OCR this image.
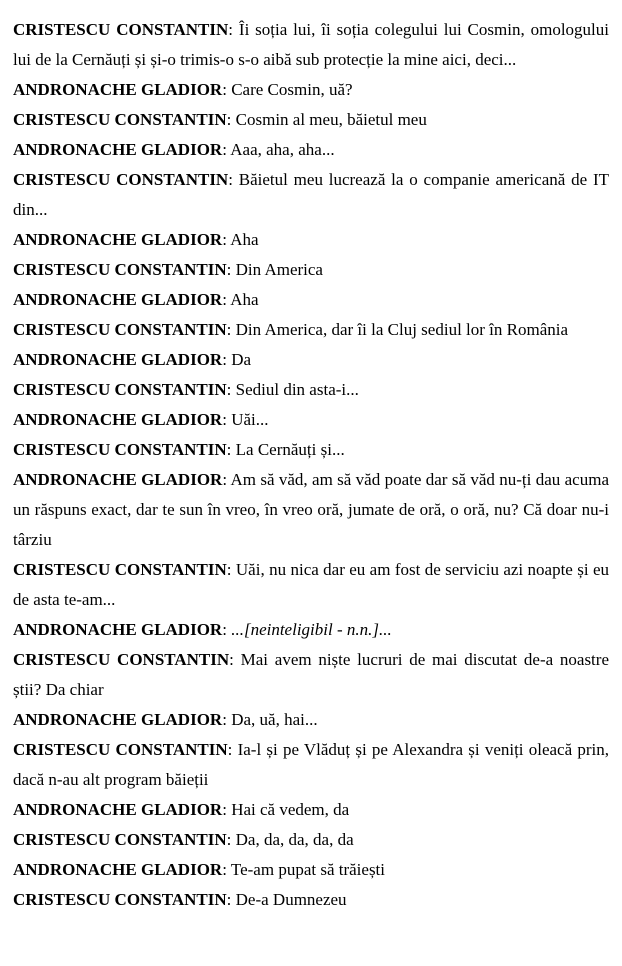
CRISTESCU CONSTANTIN: Îi soția lui, îi soția colegului lui Cosmin, omologului lui de la Cernăuți și și-o trimis-o s-o aibă sub protecție la mine aici, deci...

ANDRONACHE GLADIOR: Care Cosmin, uă?

CRISTESCU CONSTANTIN: Cosmin al meu, băietul meu

ANDRONACHE GLADIOR: Aaa, aha, aha...

CRISTESCU CONSTANTIN: Băietul meu lucrează la o companie americană de IT din...

ANDRONACHE GLADIOR: Aha

CRISTESCU CONSTANTIN: Din America

ANDRONACHE GLADIOR: Aha

CRISTESCU CONSTANTIN: Din America, dar îi la Cluj sediul lor în România

ANDRONACHE GLADIOR: Da

CRISTESCU CONSTANTIN: Sediul din asta-i...

ANDRONACHE GLADIOR: Uăi...

CRISTESCU CONSTANTIN: La Cernăuți și...

ANDRONACHE GLADIOR: Am să văd, am să văd poate dar să văd nu-ți dau acuma un răspuns exact, dar te sun în vreo, în vreo oră, jumate de oră, o oră, nu? Că doar nu-i târziu

CRISTESCU CONSTANTIN: Uăi, nu nica dar eu am fost de serviciu azi noapte și eu de asta te-am...

ANDRONACHE GLADIOR: ...[neinteligibil - n.n.]...

CRISTESCU CONSTANTIN: Mai avem niște lucruri de mai discutat de-a noastre știi? Da chiar

ANDRONACHE GLADIOR: Da, uă, hai...

CRISTESCU CONSTANTIN: Ia-l și pe Vlăduț și pe Alexandra și veniți oleacă prin, dacă n-au alt program băieții

ANDRONACHE GLADIOR: Hai că vedem, da

CRISTESCU CONSTANTIN: Da, da, da, da, da

ANDRONACHE GLADIOR: Te-am pupat să trăiești

CRISTESCU CONSTANTIN: De-a Dumnezeu
